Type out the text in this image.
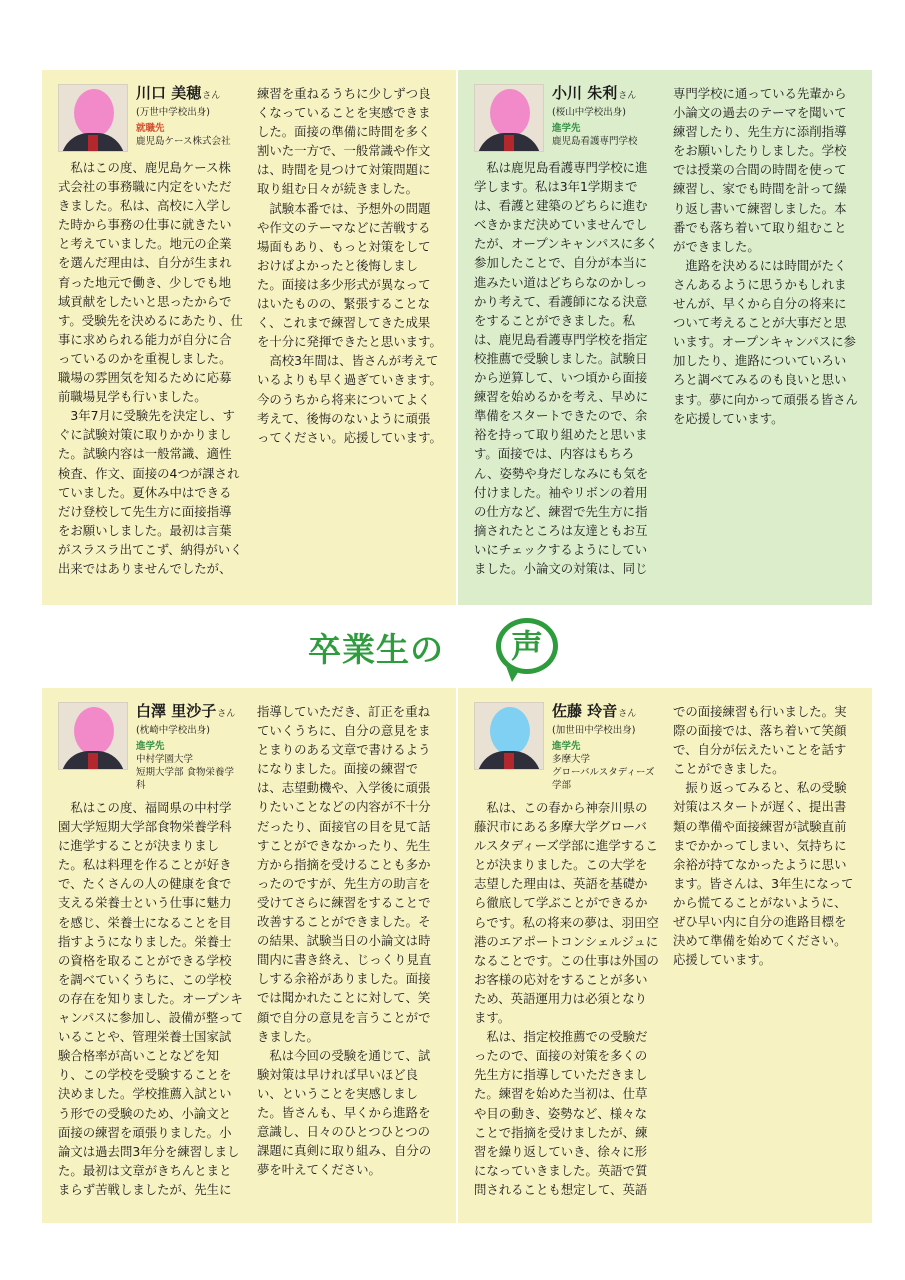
川口 美穂さん
(万世中学校出身)
就職先
鹿児島ケース株式会社

私はこの度、鹿児島ケース株式会社の事務職に内定をいただきました。私は、高校に入学した時から事務の仕事に就きたいと考えていました。地元の企業を選んだ理由は、自分が生まれ育った地元で働き、少しでも地域貢献をしたいと思ったからです。受験先を決めるにあたり、仕事に求められる能力が自分に合っているのかを重視しました。職場の雰囲気を知るために応募前職場見学も行いました。

3年7月に受験先を決定し、すぐに試験対策に取りかかりました。試験内容は一般常識、適性検査、作文、面接の4つが課されていました。夏休み中はできるだけ登校して先生方に面接指導をお願いしました。最初は言葉がスラスラ出てこず、納得がいく出来ではありませんでしたが、練習を重ねるうちに少しずつ良くなっていることを実感できました。面接の準備に時間を多く割いた一方で、一般常識や作文は、時間を見つけて対策問題に取り組む日々が続きました。

試験本番では、予想外の問題や作文のテーマなどに苦戦する場面もあり、もっと対策をしておけばよかったと後悔しました。面接は多少形式が異なってはいたものの、緊張することなく、これまで練習してきた成果を十分に発揮できたと思います。

高校3年間は、皆さんが考えているよりも早く過ぎていきます。今のうちから将来についてよく考えて、後悔のないように頑張ってください。応援しています。

小川 朱利さん
(桜山中学校出身)
進学先
鹿児島看護専門学校

私は鹿児島看護専門学校に進学します。私は3年1学期までは、看護と建築のどちらに進むべきかまだ決めていませんでしたが、オープンキャンパスに多く参加したことで、自分が本当に進みたい道はどちらなのかしっかり考えて、看護師になる決意をすることができました。私は、鹿児島看護専門学校を指定校推薦で受験しました。試験日から逆算して、いつ頃から面接練習を始めるかを考え、早めに準備をスタートできたので、余裕を持って取り組めたと思います。面接では、内容はもちろん、姿勢や身だしなみにも気を付けました。袖やリボンの着用の仕方など、練習で先生方に指摘されたところは友達ともお互いにチェックするようにしていました。小論文の対策は、同じ専門学校に通っている先輩から小論文の過去のテーマを聞いて練習したり、先生方に添削指導をお願いしたりしました。学校では授業の合間の時間を使って練習し、家でも時間を計って繰り返し書いて練習しました。本番でも落ち着いて取り組むことができました。

進路を決めるには時間がたくさんあるように思うかもしれませんが、早くから自分の将来について考えることが大事だと思います。オープンキャンパスに参加したり、進路についていろいろと調べてみるのも良いと思います。夢に向かって頑張る皆さんを応援しています。

卒業生の 声
白澤 里沙子さん
(枕崎中学校出身)
進学先
中村学園大学
短期大学部 食物栄養学科

私はこの度、福岡県の中村学園大学短期大学部食物栄養学科に進学することが決まりました。私は料理を作ることが好きで、たくさんの人の健康を食で支える栄養士という仕事に魅力を感じ、栄養士になることを目指すようになりました。栄養士の資格を取ることができる学校を調べていくうちに、この学校の存在を知りました。オープンキャンパスに参加し、設備が整っていることや、管理栄養士国家試験合格率が高いことなどを知り、この学校を受験することを決めました。学校推薦入試という形での受験のため、小論文と面接の練習を頑張りました。小論文は過去問3年分を練習しました。最初は文章がきちんとまとまらず苦戦しましたが、先生に指導していただき、訂正を重ねていくうちに、自分の意見をまとまりのある文章で書けるようになりました。面接の練習では、志望動機や、入学後に頑張りたいことなどの内容が不十分だったり、面接官の目を見て話すことができなかったり、先生方から指摘を受けることも多かったのですが、先生方の助言を受けてさらに練習をすることで改善することができました。その結果、試験当日の小論文は時間内に書き終え、じっくり見直しする余裕がありました。面接では聞かれたことに対して、笑顔で自分の意見を言うことができました。

私は今回の受験を通じて、試験対策は早ければ早いほど良い、ということを実感しました。皆さんも、早くから進路を意識し、日々のひとつひとつの課題に真剣に取り組み、自分の夢を叶えてください。

佐藤 玲音さん
(加世田中学校出身)
進学先
多摩大学
グローバルスタディーズ学部

私は、この春から神奈川県の藤沢市にある多摩大学グローバルスタディーズ学部に進学することが決まりました。この大学を志望した理由は、英語を基礎から徹底して学ぶことができるからです。私の将来の夢は、羽田空港のエアポートコンシェルジュになることです。この仕事は外国のお客様の応対をすることが多いため、英語運用力は必須となります。

私は、指定校推薦での受験だったので、面接の対策を多くの先生方に指導していただきました。練習を始めた当初は、仕草や目の動き、姿勢など、様々なことで指摘を受けましたが、練習を繰り返していき、徐々に形になっていきました。英語で質問されることも想定して、英語での面接練習も行いました。実際の面接では、落ち着いて笑顔で、自分が伝えたいことを話すことができました。

振り返ってみると、私の受験対策はスタートが遅く、提出書類の準備や面接練習が試験直前までかかってしまい、気持ちに余裕が持てなかったように思います。皆さんは、3年生になってから慌てることがないように、ぜひ早い内に自分の進路目標を決めて準備を始めてください。応援しています。
